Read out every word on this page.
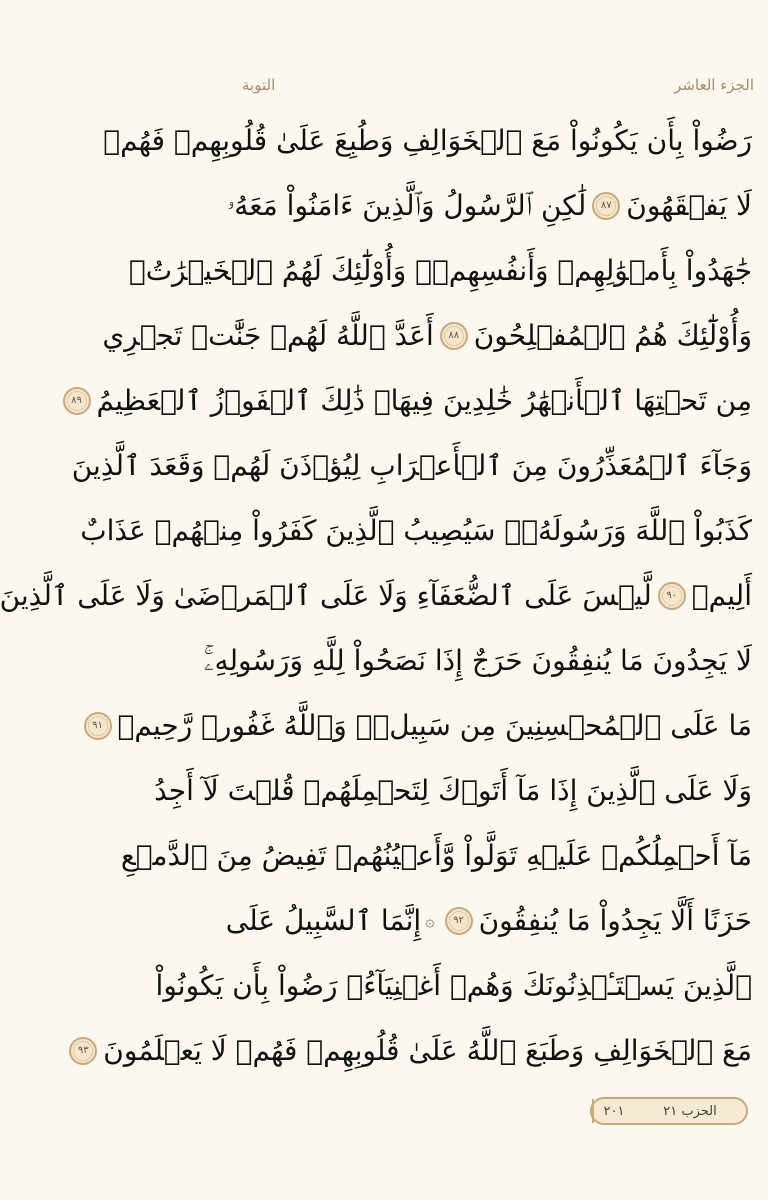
الجزء العاشر
التوبة
رَضُواْ بِأَن يَكُونُواْ مَعَ ٱلۡخَوَالِفِ وَطُبِعَ عَلَىٰ قُلُوبِهِمۡ فَهُمۡ
لَا يَفۡقَهُونَ
٨٧
لَٰكِنِ ٱلرَّسُولُ وَٱلَّذِينَ ءَامَنُواْ مَعَهُۥ
جَٰهَدُواْ بِأَمۡوَٰلِهِمۡ وَأَنفُسِهِمۡۚ وَأُوْلَٰٓئِكَ لَهُمُ ٱلۡخَيۡرَٰتُۖ
وَأُوْلَٰٓئِكَ هُمُ ٱلۡمُفۡلِحُونَ
٨٨
أَعَدَّ ٱللَّهُ لَهُمۡ جَنَّٰتٖ تَجۡرِي
مِن تَحۡتِهَا ٱلۡأَنۡهَٰرُ خَٰلِدِينَ فِيهَاۚ ذَٰلِكَ ٱلۡفَوۡزُ ٱلۡعَظِيمُ
٨٩
وَجَآءَ ٱلۡمُعَذِّرُونَ مِنَ ٱلۡأَعۡرَابِ لِيُؤۡذَنَ لَهُمۡ وَقَعَدَ ٱلَّذِينَ
كَذَبُواْ ٱللَّهَ وَرَسُولَهُۥۚ سَيُصِيبُ ٱلَّذِينَ كَفَرُواْ مِنۡهُمۡ عَذَابٌ
أَلِيمٞ
٩٠
لَّيۡسَ عَلَى ٱلضُّعَفَآءِ وَلَا عَلَى ٱلۡمَرۡضَىٰ وَلَا عَلَى ٱلَّذِينَ
لَا يَجِدُونَ مَا يُنفِقُونَ حَرَجٌ إِذَا نَصَحُواْ لِلَّهِ وَرَسُولِهِۦۚ
مَا عَلَى ٱلۡمُحۡسِنِينَ مِن سَبِيلٖۚ وَٱللَّهُ غَفُورٞ رَّحِيمٞ
٩١
وَلَا عَلَى ٱلَّذِينَ إِذَا مَآ أَتَوۡكَ لِتَحۡمِلَهُمۡ قُلۡتَ لَآ أَجِدُ
مَآ أَحۡمِلُكُمۡ عَلَيۡهِ تَوَلَّواْ وَّأَعۡيُنُهُمۡ تَفِيضُ مِنَ ٱلدَّمۡعِ
حَزَنًا أَلَّا يَجِدُواْ مَا يُنفِقُونَ
٩٢
۞
إِنَّمَا ٱلسَّبِيلُ عَلَى
ٱلَّذِينَ يَسۡتَـٔۡذِنُونَكَ وَهُمۡ أَغۡنِيَآءُۚ رَضُواْ بِأَن يَكُونُواْ
مَعَ ٱلۡخَوَالِفِ وَطَبَعَ ٱللَّهُ عَلَىٰ قُلُوبِهِمۡ فَهُمۡ لَا يَعۡلَمُونَ
٩٣
الحزب ٢١
٢٠١
